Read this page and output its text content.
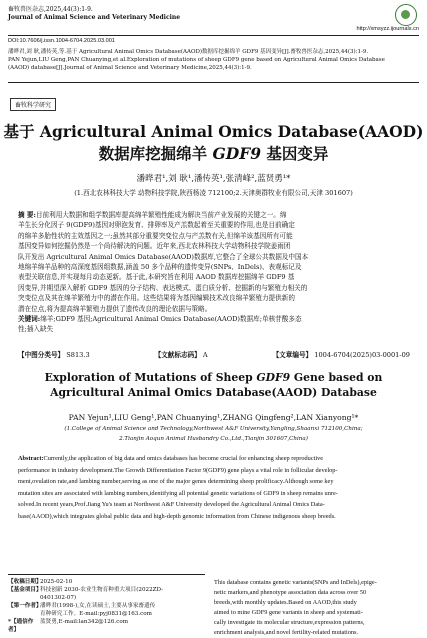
畜牧兽医杂志,2025,44(3):1-9.
Journal of Animal Science and Veterinary Medicine
http://xmsyzz.ijournals.cn
DOI:10.7606/j.issn.1004-6704.2025.03.001

潘晔君,刘 耿,潘传英,等.基于 Agricultural Animal Omics Database(AAOD)数据库挖掘绵羊 GDF9 基因变异[J].畜牧兽医杂志,2025,44(3):1-9.

PAN Yejun,LIU Geng,PAN Chuanying,et al.Exploration of mutations of sheep GDF9 gene based on Agricultural Animal Omics Database

(AAOD) database[J].Journal of Animal Science and Veterinary Medicine,2025,44(3):1-9.

畜牧科学研究
基于 Agricultural Animal Omics Database(AAOD)
数据库挖掘绵羊 GDF9 基因变异
潘晔君¹,刘 耿¹,潘传英¹,张清峰²,蓝贤勇¹*
(1.西北农林科技大学 动物科技学院,陕西杨凌 712100;2.天津奥群牧业有限公司,天津 301607)

摘 要:目前利用大数据和组学数据库提高绵羊繁殖性能成为解决当前产业发展的关键之一。绵

羊生长分化因子 9(GDF9)基因对卵泡发育、排卵率及产羔数起着至关重要的作用,也是目前确定

的绵羊多胎性状的主效基因之一;虽然其部分重要突变位点与产羔数有关,但绵羊该基因所有可能

基因变异如何挖掘仍然是一个尚待解决的问题。近年来,西北农林科技大学动物科技学院姜雨团

队开发出 Agricultural Animal Omics Database(AAOD)数据库,它整合了全球公共数据及中国本

地绵羊绵羊品种的高深度基因组数据,涵盖 50 多个品种的遗传变异(SNPs、InDels)、表观标记及

表型关联信息,并实现每月动态更新。基于此,本研究旨在利用 AAOD 数据库挖掘绵羊 GDF9 基

因变异,并期望深入解析 GDF9 基因的分子结构、表达模式、蛋白质分析、挖掘新的与繁殖力相关的

突变位点及其在绵羊繁殖力中的潜在作用。这些结果将为基因编辑技术改良绵羊繁殖力提供新的

潜在位点,将为提高绵羊繁殖力提供了遗传改良的理论依据与策略。

关键词:绵羊;GDF9 基因;Agricultural Animal Omics Database(AAOD)数据库;单核苷酸多态

性;插入缺失

【中图分类号】 S813.3	【文献标志码】 A	【文章编号】 1004-6704(2025)03-0001-09
Exploration of Mutations of Sheep GDF9 Gene based on
Agricultural Animal Omics Database(AAOD) Database
PAN Yejun¹,LIU Geng¹,PAN Chuanying¹,ZHANG Qingfeng²,LAN Xianyong¹*
(1.College of Animal Science and Technology,Northwest A&F University,Yangling,Shaanxi 712100,China;
2.Tianjin Aoqun Animal Husbandry Co.,Ltd.,Tianjin 301607,China)

Abstract:Currently,the application of big data and omics databases has become crucial for enhancing sheep reproductive

performance in industry development.The Growth Differentiation Factor 9(GDF9) gene plays a vital role in follicular develop-

ment,ovulation rate,and lambing number,serving as one of the major genes determining sheep prolificacy.Although some key

mutation sites are associated with lambing numbers,identifying all potential genetic variations of GDF9 in sheep remains unre-

solved.In recent years,Prof.Jiang Yu's team at Northwest A&F University developed the Agricultural Animal Omics Data-

base(AAOD),which integrates global public data and high-depth genomic information from Chinese indigenous sheep breeds.

【收稿日期】
2025-02-10
【基金项目】
科技创新 2030-农业生物育种重大项目(2022ZD-
0401302-07)
【第一作者】
潘晔君(1998-),女,在读硕士,主要从事家畜遗传
育种研究工作。E-mail:pyj0831@163.com
*【通信作者】
蓝贤勇,E-mail:lan342@126.com

This database contains genetic variants(SNPs and InDels),epige-

netic markers,and phenotype association data across over 50

breeds,with monthly updates.Based on AAOD,this study

aimed to mine GDF9 gene variants in sheep and systemati-

cally investigate its molecular structure,expression patterns,

enrichment analysis,and novel fertility-related mutations.
